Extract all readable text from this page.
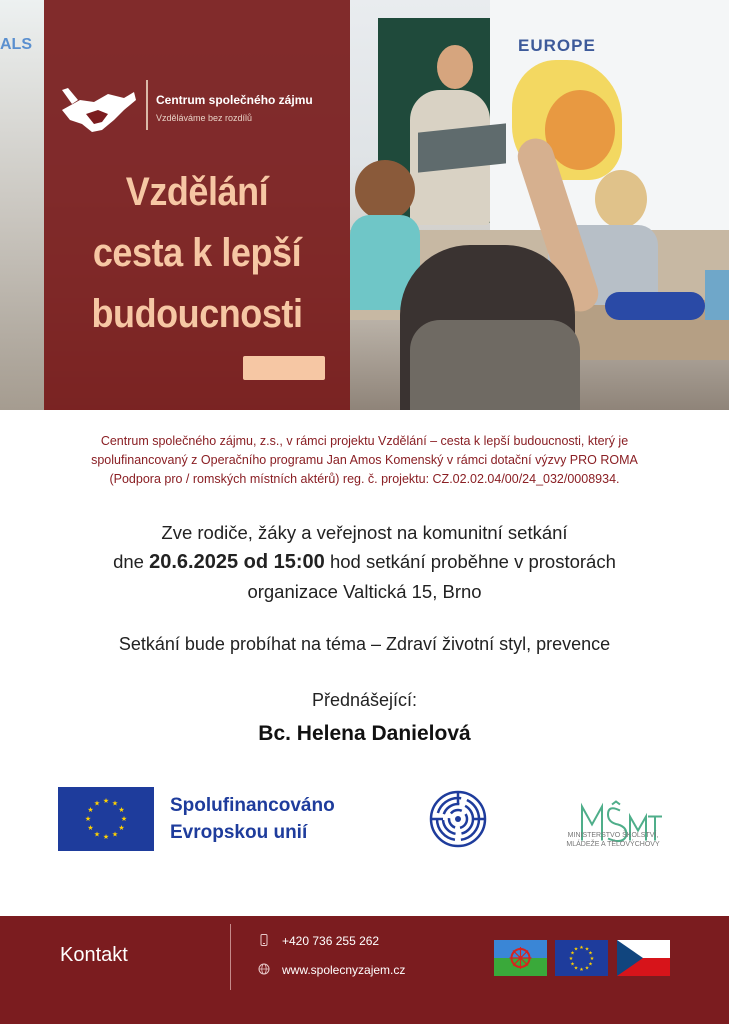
ALS	EUROPE
Centrum společného zájmu
Vzděláváme bez rozdílů
Vzdělání
cesta k lepší
budoucnosti
Centrum společného zájmu, z.s., v rámci projektu Vzdělání – cesta k lepší budoucnosti, který je
spolufinancovaný z Operačního programu Jan Amos Komenský v rámci dotační výzvy PRO ROMA
(Podpora pro / romských místních aktérů) reg. č. projektu: CZ.02.02.04/00/24_032/0008934.
Zve rodiče, žáky a veřejnost na komunitní setkání
dne 20.6.2025 od 15:00 hod setkání proběhne v prostorách
organizace Valtická 15, Brno
Setkání bude probíhat na téma – Zdraví životní styl, prevence
Přednášející:
Bc. Helena Danielová
★ ★
★
★
★
★
★
★
★
★
★
★	Spolufinancováno
Evropskou unií	MINISTERSTVO ŠKOLSTVÍ,
MLÁDEŽE A TĚLOVÝCHOVY
Kontakt
+420 736 255 262
www.spolecnyzajem.cz
★ ★
★
★
★
★
★
★
★
★
★
★
